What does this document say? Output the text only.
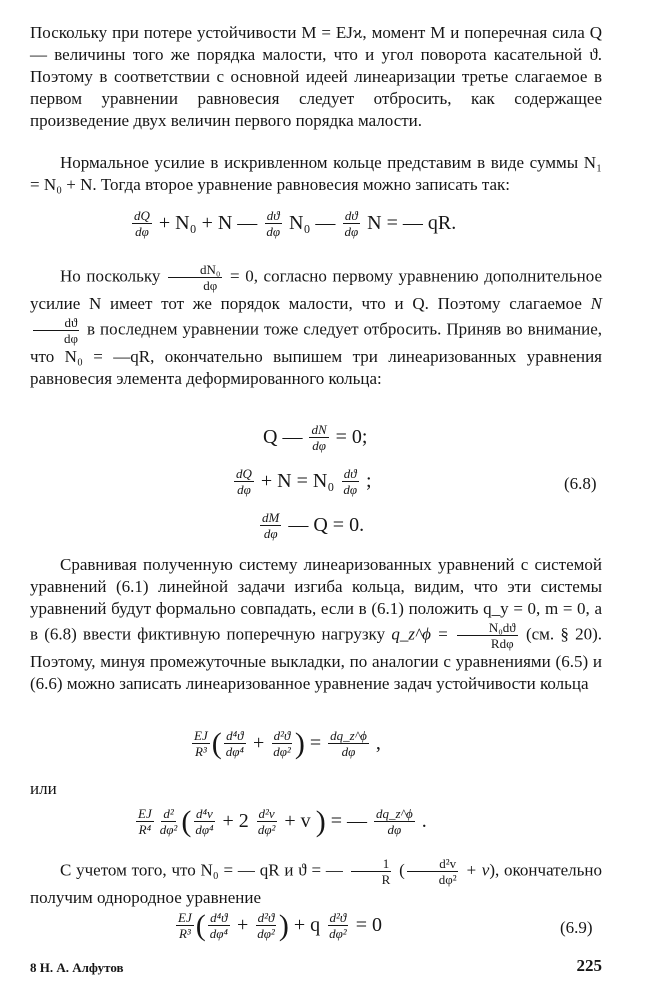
Поскольку при потере устойчивости M = EJϰ, момент M и поперечная сила Q — величины того же порядка малости, что и угол поворота касательной ϑ. Поэтому в соответствии с основной идеей линеаризации третье слагаемое в первом уравнении равновесия следует отбросить, как содержащее произведение двух величин первого порядка малости.

Нормальное усилие в искривленном кольце представим в виде суммы N₁ = N₀ + N. Тогда второе уравнение равновесия можно записать так:

$\frac{dQ}{d\varphi} + N_0 + N$ — $\frac{dϑ}{d\varphi} N_0$ — $\frac{dϑ}{d\varphi}$ N = — qR.
Но поскольку $\frac{\text{dN₀}}{d\varphi} = 0$, согласно первому уравнению дополнительное усилие N имеет тот же порядок малости, что и Q. Поэтому слагаемое N
$\frac{dϑ}{d\varphi}$ в последнем уравнении тоже следует отбросить. Приняв во внимание, что N₀ = —qR, окончательно выпишем три линеаризованных уравнения равновесия элемента деформированного кольца:
Q — $\frac{dN}{d\varphi} = 0$;
$\frac{dQ}{d\varphi} + N = N_0 \frac{dϑ}{d\varphi}$ ;	(6.8)
$\frac{dM}{d\varphi}$ — Q = 0.
Сравнивая полученную систему линеаризованных уравнений с системой уравнений (6.1) линейной задачи изгиба кольца, видим, что эти системы уравнений будут формально совпадать, если в (6.1) положить q_y = 0, m = 0, а в (6.8) ввести фиктивную поперечную нагрузку q_z^ϕ = $\frac{\text{N₀dϑ}}{\text{Rdφ}} (см$. § 20). Поэтому, минуя промежуточные выкладки, по аналогии с уравнениями (6.5) и (6.6) можно записать линеаризованное уравнение задач устойчивости кольца
$\frac{EJ}{\text{R³}}$ ( $\frac{\text{d⁴ϑ}}{\text{dφ⁴}} + \frac{\text{d²ϑ}}{\text{dφ²}}$ ) = $\frac{dq\_z\^{}\phi}{d\varphi}$ ,
или
$\frac{EJ}{\text{R⁴}} \frac{\text{d²}}{\text{dφ²}}$ ( $\frac{\text{d⁴v}}{\text{dφ⁴}} + 2 \frac{\text{d²v}}{\text{dφ²}} + v$ ) = — $\frac{dq\_z\^{}\phi}{d\varphi}$ .
С учетом того, что N₀ = — qR и ϑ = — $\frac{1}{R}$ ( $\frac{\text{d²v}}{\text{dφ²}} + v$), окончательно получим однородное уравнение
$\frac{EJ}{\text{R³}}$ ( $\frac{\text{d⁴ϑ}}{\text{dφ⁴}} + \frac{\text{d²ϑ}}{\text{dφ²}}$ ) + q $\frac{\text{d²ϑ}}{\text{dφ²}} = 0$	(6.9)
8 Н. А. Алфутов	225
